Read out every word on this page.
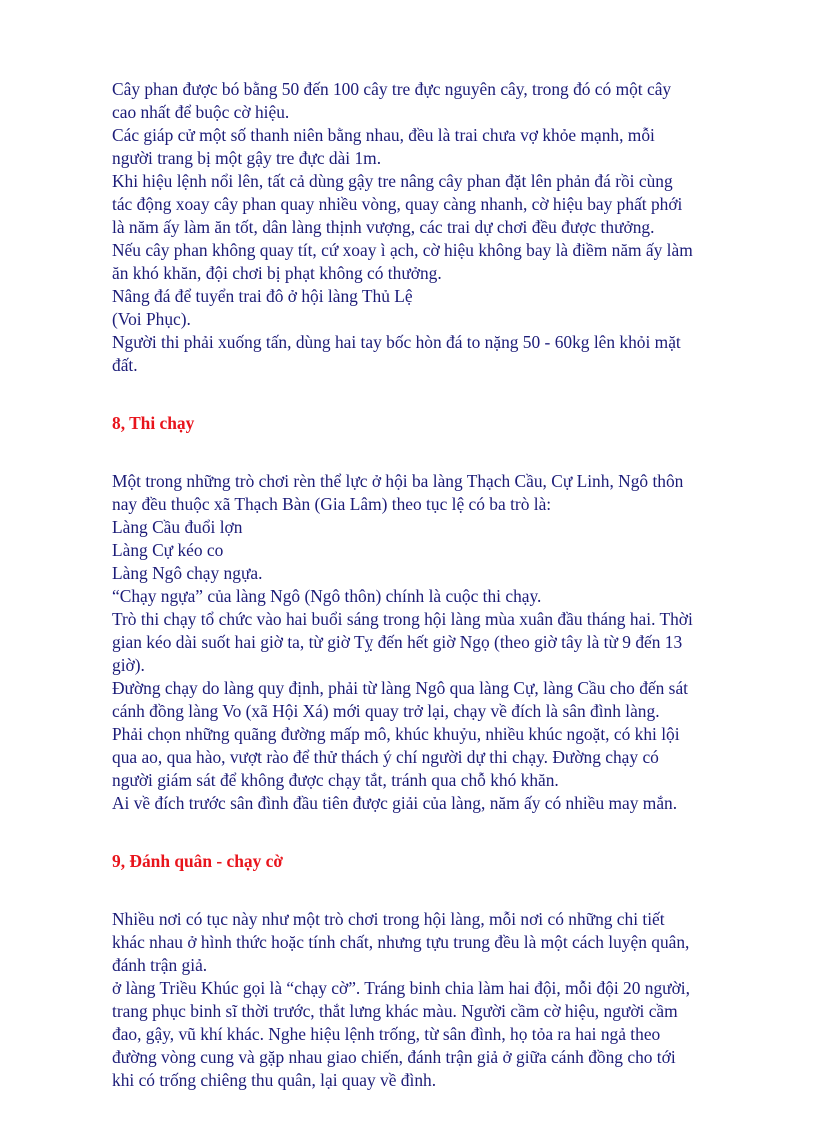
Cây phan được bó bằng 50 đến 100 cây tre đực nguyên cây, trong đó có một cây

cao nhất để buộc cờ hiệu.

Các giáp cử một số thanh niên bằng nhau, đều là trai chưa vợ khỏe mạnh, mỗi

người trang bị một gậy tre đực dài 1m.

Khi hiệu lệnh nổi lên, tất cả dùng gậy tre nâng cây phan đặt lên phản đá rồi cùng

tác động xoay cây phan quay nhiều vòng, quay càng nhanh, cờ hiệu bay phất phới

là năm ấy làm ăn tốt, dân làng thịnh vượng, các trai dự chơi đều được thưởng.

Nếu cây phan không quay tít, cứ xoay ì ạch, cờ hiệu không bay là điềm năm ấy làm

ăn khó khăn, đội chơi bị phạt không có thưởng.

Nâng đá để tuyển trai đô ở hội làng Thủ Lệ

(Voi Phục).

Người thi phải xuống tấn, dùng hai tay bốc hòn đá to nặng 50 - 60kg lên khỏi mặt

đất.

8, Thi chạy

Một trong những trò chơi rèn thể lực ở hội ba làng Thạch Cầu, Cự Linh, Ngô thôn

nay đều thuộc xã Thạch Bàn (Gia Lâm) theo tục lệ có ba trò là:

Làng Cầu đuổi lợn

Làng Cự kéo co

Làng Ngô chạy ngựa.

“Chạy ngựa” của làng Ngô (Ngô thôn) chính là cuộc thi chạy.

Trò thi chạy tổ chức vào hai buổi sáng trong hội làng mùa xuân đầu tháng hai. Thời

gian kéo dài suốt hai giờ ta, từ giờ Tỵ đến hết giờ Ngọ (theo giờ tây là từ 9 đến 13

giờ).

Đường chạy do làng quy định, phải từ làng Ngô qua làng Cự, làng Cầu cho đến sát

cánh đồng làng Vo (xã Hội Xá) mới quay trở lại, chạy về đích là sân đình làng.

Phải chọn những quãng đường mấp mô, khúc khuỷu, nhiều khúc ngoặt, có khi lội

qua ao, qua hào, vượt rào để thử thách ý chí người dự thi chạy. Đường chạy có

người giám sát để không được chạy tắt, tránh qua chỗ khó khăn.

Ai về đích trước sân đình đầu tiên được giải của làng, năm ấy có nhiều may mắn.

9, Đánh quân - chạy cờ

Nhiều nơi có tục này như một trò chơi trong hội làng, mỗi nơi có những chi tiết

khác nhau ở hình thức hoặc tính chất, nhưng tựu trung đều là một cách luyện quân,

đánh trận giả.

ở làng Triều Khúc gọi là “chạy cờ”. Tráng binh chia làm hai đội, mỗi đội 20 người,

trang phục binh sĩ thời trước, thắt lưng khác màu. Người cầm cờ hiệu, người cầm

đao, gậy, vũ khí khác. Nghe hiệu lệnh trống, từ sân đình, họ tỏa ra hai ngả theo

đường vòng cung và gặp nhau giao chiến, đánh trận giả ở giữa cánh đồng cho tới

khi có trống chiêng thu quân, lại quay về đình.
